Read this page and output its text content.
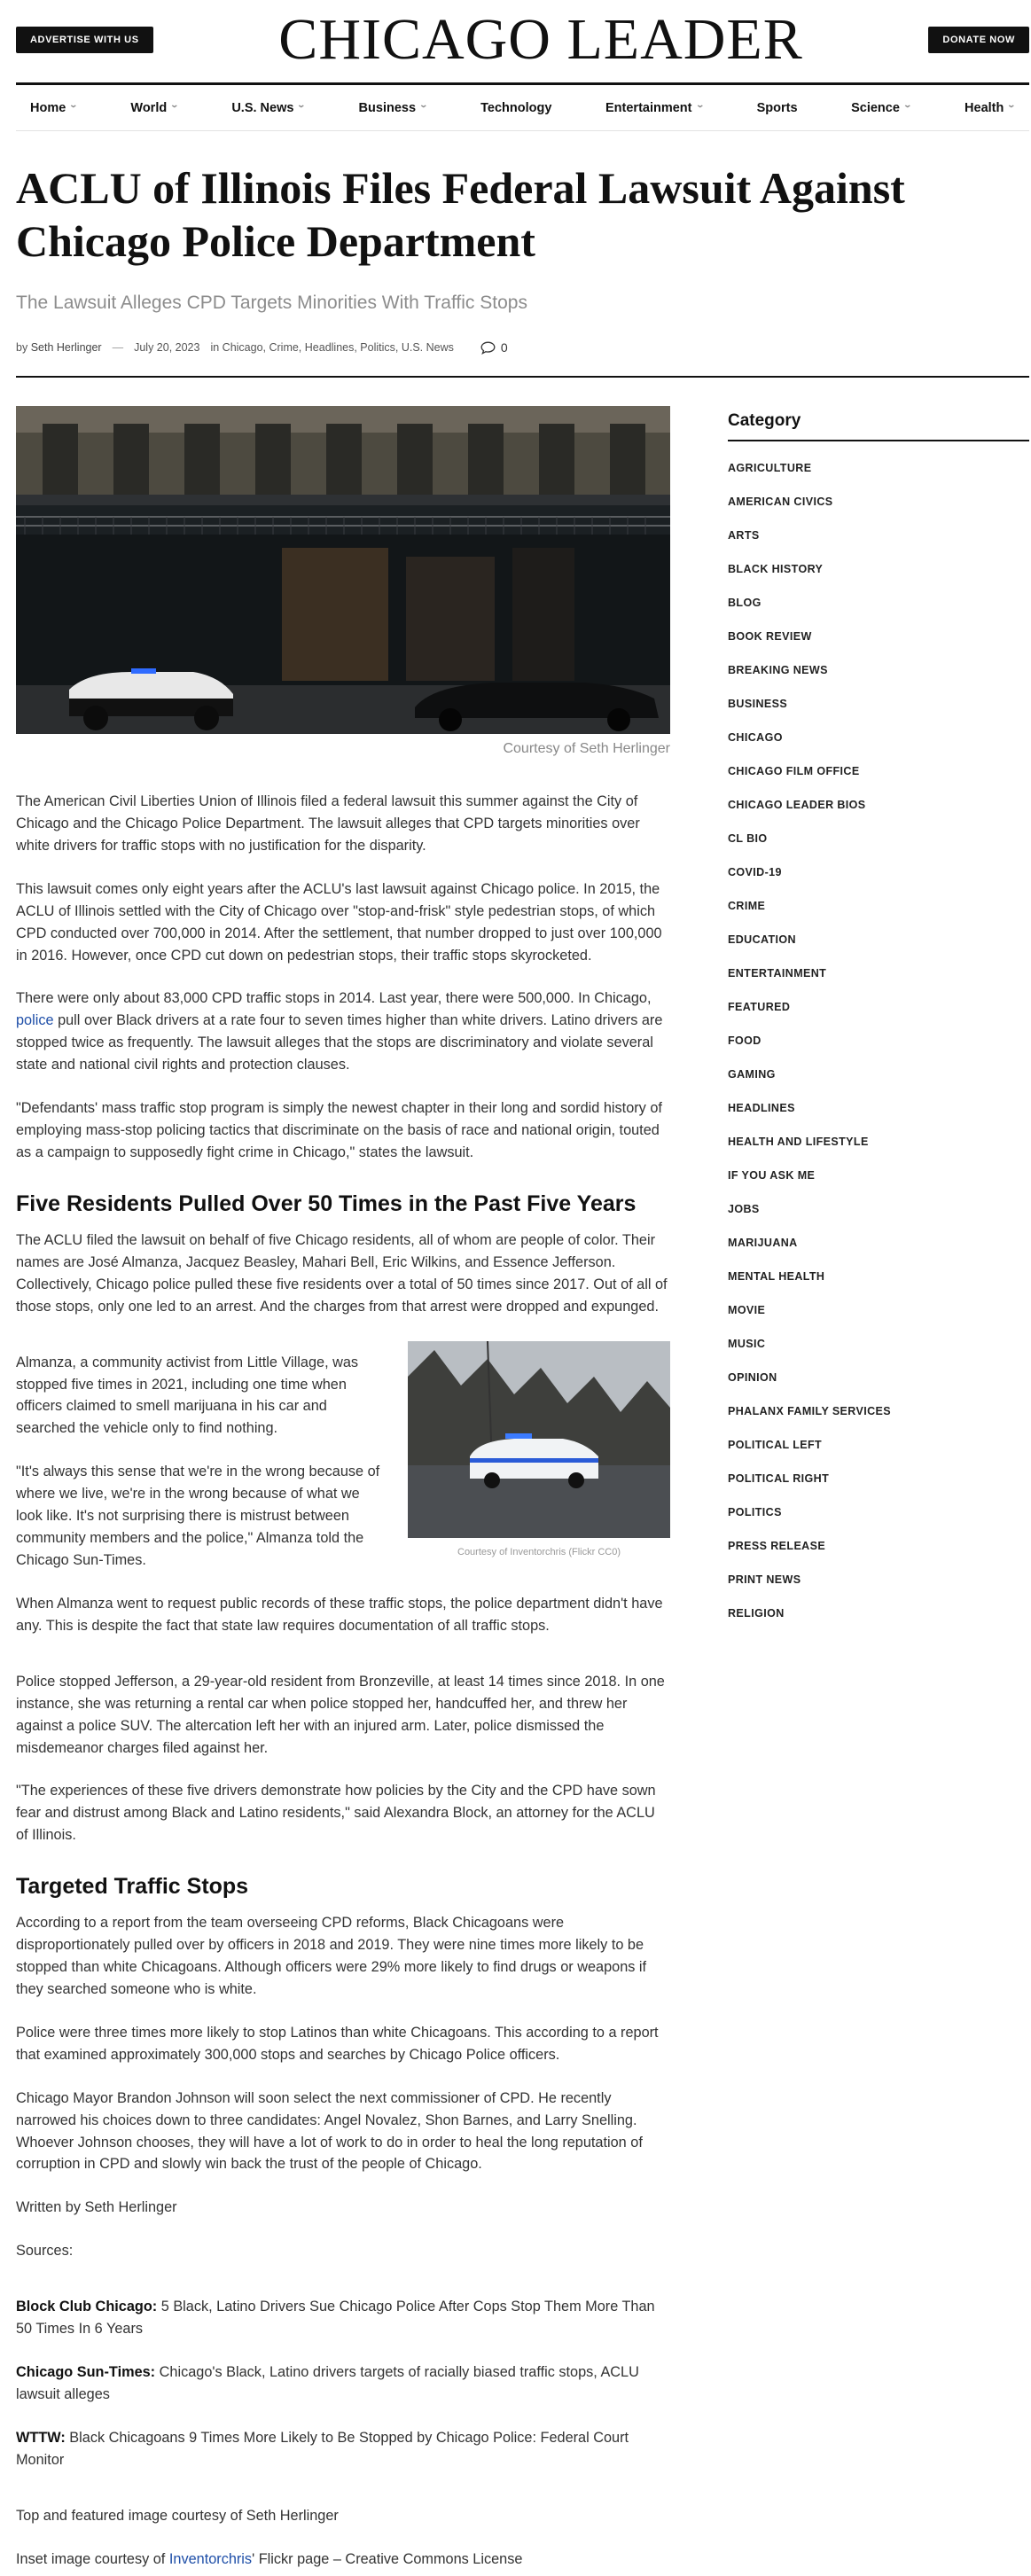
ADVERTISE WITH US CHICAGO LEADER	DONATE NOW
Home ⌄	World ⌄	U.S. News ⌄	Business ⌄	Technology	Entertainment ⌄	Sports	Science ⌄	Health ⌄
ACLU of Illinois Files Federal Lawsuit Against Chicago Police Department
The Lawsuit Alleges CPD Targets Minorities With Traffic Stops
by
Seth Herlinger — July 20, 2023 in
Chicago, Crime, Headlines, Politics, U.S. News	0
Courtesy of Seth Herlinger

The American Civil Liberties Union of Illinois filed a federal lawsuit this summer against the City of Chicago and the Chicago Police Department. The lawsuit alleges that CPD targets minorities over white drivers for traffic stops with no justification for the disparity.

This lawsuit comes only eight years after the ACLU's last lawsuit against Chicago police. In 2015, the ACLU of Illinois settled with the City of Chicago over "stop-and-frisk" style pedestrian stops, of which CPD conducted over 700,000 in 2014. After the settlement, that number dropped to just over 100,000 in 2016. However, once CPD cut down on pedestrian stops, their traffic stops skyrocketed.

There were only about 83,000 CPD traffic stops in 2014. Last year, there were 500,000. In Chicago, police pull over Black drivers at a rate four to seven times higher than white drivers. Latino drivers are stopped twice as frequently. The lawsuit alleges that the stops are discriminatory and violate several state and national civil rights and protection clauses.

"Defendants' mass traffic stop program is simply the newest chapter in their long and sordid history of employing mass-stop policing tactics that discriminate on the basis of race and national origin, touted as a campaign to supposedly fight crime in Chicago," states the lawsuit.

Five Residents Pulled Over 50 Times in the Past Five Years

The ACLU filed the lawsuit on behalf of five Chicago residents, all of whom are people of color. Their names are José Almanza, Jacquez Beasley, Mahari Bell, Eric Wilkins, and Essence Jefferson. Collectively, Chicago police pulled these five residents over a total of 50 times since 2017. Out of all of those stops, only one led to an arrest. And the charges from that arrest were dropped and expunged.

Courtesy of Inventorchris (Flickr CC0)

Almanza, a community activist from Little Village, was stopped five times in 2021, including one time when officers claimed to smell marijuana in his car and searched the vehicle only to find nothing.

"It's always this sense that we're in the wrong because of where we live, we're in the wrong because of what we look like. It's not surprising there is mistrust between community members and the police," Almanza told the Chicago Sun-Times.

When Almanza went to request public records of these traffic stops, the police department didn't have any. This is despite the fact that state law requires documentation of all traffic stops.

Police stopped Jefferson, a 29-year-old resident from Bronzeville, at least 14 times since 2018. In one instance, she was returning a rental car when police stopped her, handcuffed her, and threw her against a police SUV. The altercation left her with an injured arm. Later, police dismissed the misdemeanor charges filed against her.

"The experiences of these five drivers demonstrate how policies by the City and the CPD have sown fear and distrust among Black and Latino residents," said Alexandra Block, an attorney for the ACLU of Illinois.

Targeted Traffic Stops

According to a report from the team overseeing CPD reforms, Black Chicagoans were disproportionately pulled over by officers in 2018 and 2019. They were nine times more likely to be stopped than white Chicagoans. Although officers were 29% more likely to find drugs or weapons if they searched someone who is white.

Police were three times more likely to stop Latinos than white Chicagoans. This according to a report that examined approximately 300,000 stops and searches by Chicago Police officers.

Chicago Mayor Brandon Johnson will soon select the next commissioner of CPD. He recently narrowed his choices down to three candidates: Angel Novalez, Shon Barnes, and Larry Snelling. Whoever Johnson chooses, they will have a lot of work to do in order to heal the long reputation of corruption in CPD and slowly win back the trust of the people of Chicago.

Written by Seth Herlinger

Sources:

Block Club Chicago: 5 Black, Latino Drivers Sue Chicago Police After Cops Stop Them More Than 50 Times In 6 Years

Chicago Sun-Times: Chicago's Black, Latino drivers targets of racially biased traffic stops, ACLU lawsuit alleges

WTTW: Black Chicagoans 9 Times More Likely to Be Stopped by Chicago Police: Federal Court Monitor

Top and featured image courtesy of Seth Herlinger

Inset image courtesy of Inventorchris' Flickr page – Creative Commons License

Category
AGRICULTURE
AMERICAN CIVICS
ARTS
BLACK HISTORY
BLOG
BOOK REVIEW
BREAKING NEWS
BUSINESS
CHICAGO
CHICAGO FILM OFFICE
CHICAGO LEADER BIOS
CL BIO
COVID-19
CRIME
EDUCATION
ENTERTAINMENT
FEATURED
FOOD
GAMING
HEADLINES
HEALTH AND LIFESTYLE
IF YOU ASK ME
JOBS
MARIJUANA
MENTAL HEALTH
MOVIE
MUSIC
OPINION
PHALANX FAMILY SERVICES
POLITICAL LEFT
POLITICAL RIGHT
POLITICS
PRESS RELEASE
PRINT NEWS
RELIGION
